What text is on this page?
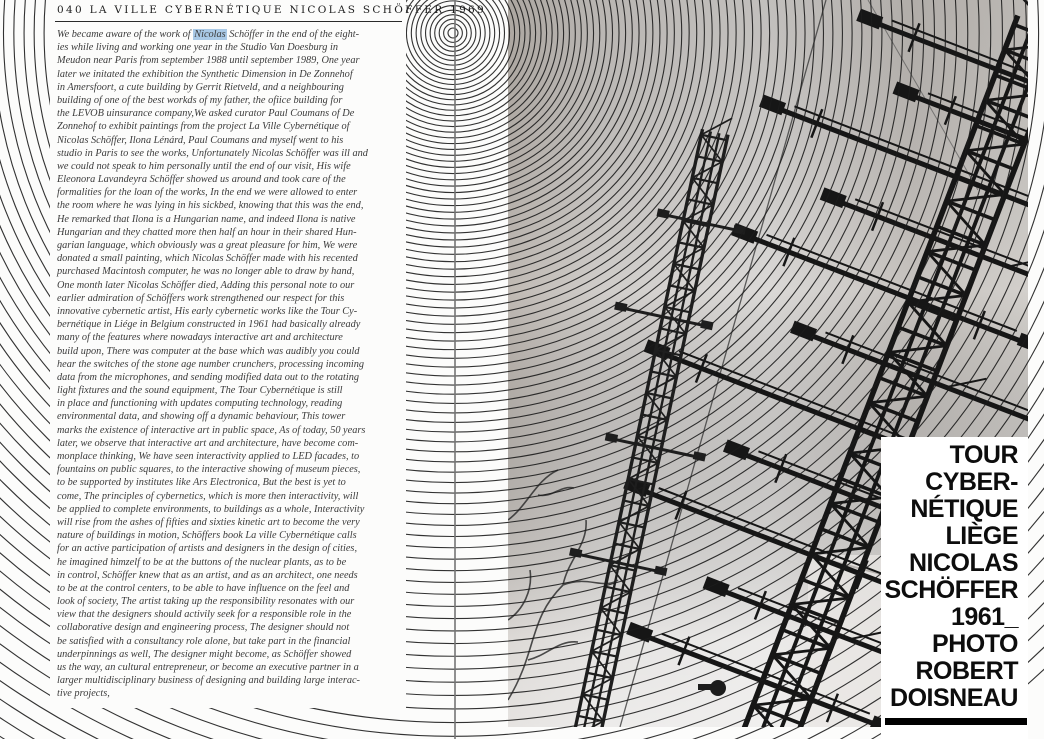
040 LA VILLE CYBERNÉTIQUE NICOLAS SCHÖFFER 1969
We became aware of the work of Nicolas Schöffer in the end of the eight-
ies while living and working one year in the Studio Van Doesburg in
Meudon near Paris from september 1988 until september 1989, One year
later we initated the exhibition the Synthetic Dimension in De Zonnehof
in Amersfoort, a cute building by Gerrit Rietveld, and a neighbouring
building of one of the best workds of my father, the ofiice building for
the LEVOB uinsurance company,We asked curator Paul Coumans of De
Zonnehof to exhibit paintings from the project La Ville Cybernétique of
Nicolas Schöffer, Ilona Lénárd, Paul Coumans and myself went to his
studio in Paris to see the works, Unfortunately Nicolas Schöffer was ill and
we could not speak to him personally until the end of our visit, His wife
Eleonora Lavandeyra Schöffer showed us around and took care of the
formalities for the loan of the works, In the end we were allowed to enter
the room where he was lying in his sickbed, knowing that this was the end,
He remarked that Ilona is a Hungarian name, and indeed Ilona is native
Hungarian and they chatted more then half an hour in their shared Hun-
garian language, which obviously was a great pleasure for him, We were
donated a small painting, which Nicolas Schöffer made with his recented
purchased Macintosh computer, he was no longer able to draw by hand,
One month later Nicolas Schöffer died, Adding this personal note to our
earlier admiration of Schöffers work strengthened our respect for this
innovative cybernetic artist, His early cybernetic works like the Tour Cy-
bernétique in Liége in Belgium constructed in 1961 had basically already
many of the features where nowadays interactive art and architecture
build upon, There was computer at the base which was audibly you could
hear the switches of the stone age number crunchers, processing incoming
data from the microphones, and sending modified data out to the rotating
light fixtures and the sound equipment, The Tour Cybernétique is still
in place and functioning with updates computing technology, reading
environmental data, and showing off a dynamic behaviour, This tower
marks the existence of interactive art in public space, As of today, 50 years
later, we observe that interactive art and architecture, have become com-
monplace thinking, We have seen interactivity applied to LED facades, to
fountains on public squares, to the interactive showing of museum pieces,
to be supported by institutes like Ars Electronica, But the best is yet to
come, The principles of cybernetics, which is more then interactivity, will
be applied to complete environments, to buildings as a whole, Interactivity
will rise from the ashes of fifties and sixties kinetic art to become the very
nature of buildings in motion, Schöffers book La ville Cybernétique calls
for an active participation of artists and designers in the design of cities,
he imagined himzelf to be at the buttons of the nuclear plants, as to be
in control, Schöffer knew that as an artist, and as an architect, one needs
to be at the control centers, to be able to have influence on the feel and
look of society, The artist taking up the responsibility resonates with our
view that the designers should activily seek for a responsible role in the
collaborative design and engineering process, The designer should not
be satisfied with a consultancy role alone, but take part in the financial
underpinnings as well, The designer might become, as Schöffer showed
us the way, an cultural entrepreneur, or become an executive partner in a
larger multidisciplinary business of designing and building large interac-
tive projects,
TOUR
CYBER-
NÉTIQUE
LIÈGE
NICOLAS
SCHÖFFER
1961_
PHOTO
ROBERT
DOISNEAU
